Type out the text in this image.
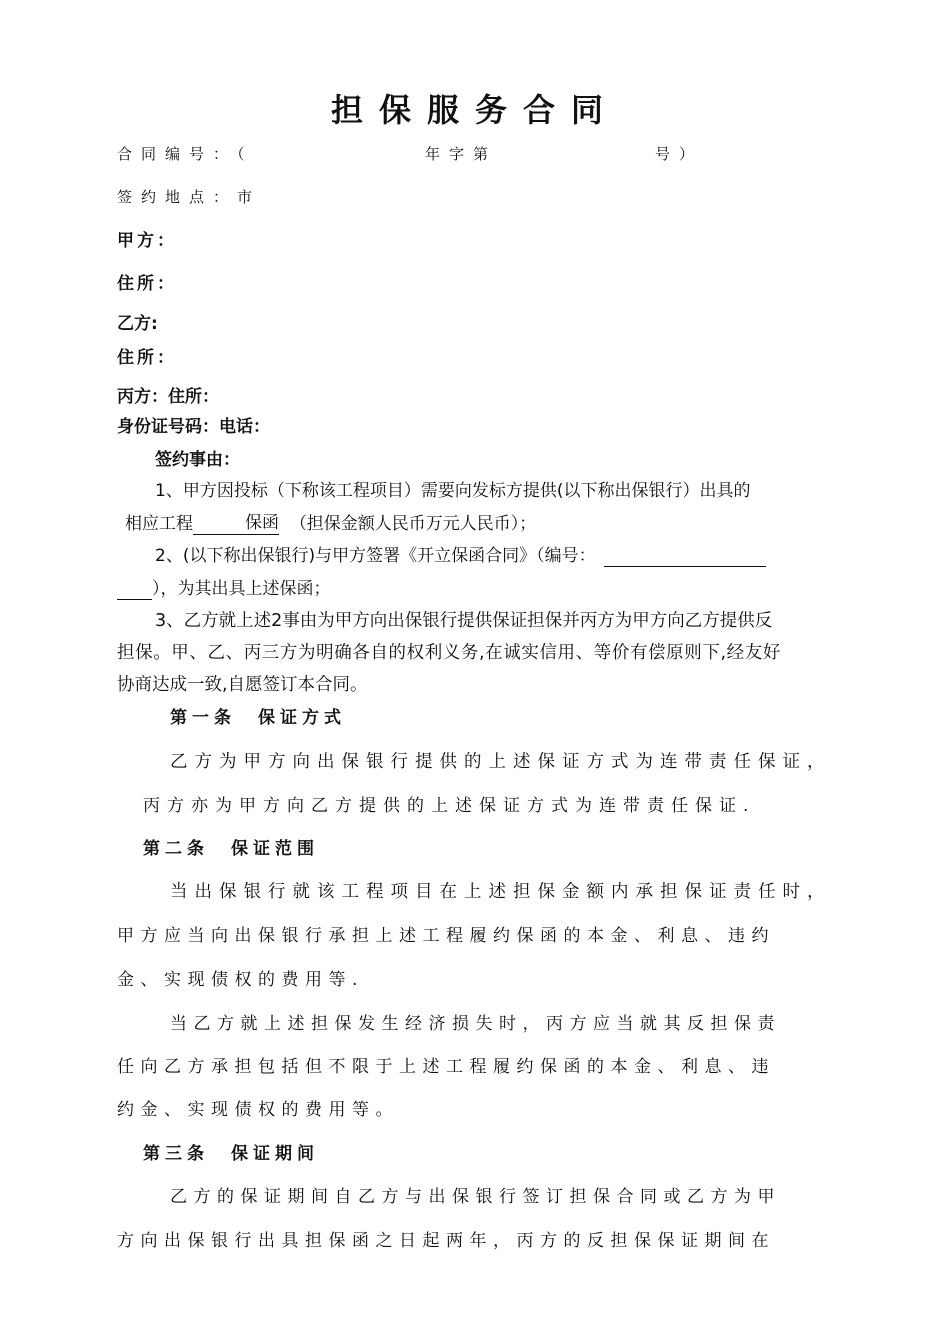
担保服务合同
合同编号：（	年字第	号）
签约地点：市
甲方：
住所：
乙方:
住所：
丙方：住所：
身份证号码：电话：
签约事由：
1、甲方因投标（下称该工程项目）需要向发标方提供(以下称出保银行）出具的
相应工程	保函 （担保金额人民币万元人民币）；
2、(以下称出保银行)与甲方签署《开立保函合同》（编号：
），为其出具上述保函；
3、乙方就上述2事由为甲方向出保银行提供保证担保并丙方为甲方向乙方提供反
担保。甲、乙、丙三方为明确各自的权利义务,在诚实信用、等价有偿原则下,经友好
协商达成一致,自愿签订本合同。
第一条　保证方式
乙方为甲方向出保银行提供的上述保证方式为连带责任保证，
丙方亦为甲方向乙方提供的上述保证方式为连带责任保证.
第二条　保证范围
当出保银行就该工程项目在上述担保金额内承担保证责任时，
甲方应当向出保银行承担上述工程履约保函的本金、利息、违约
金、实现债权的费用等.
当乙方就上述担保发生经济损失时，丙方应当就其反担保责
任向乙方承担包括但不限于上述工程履约保函的本金、利息、违
约金、实现债权的费用等。
第三条　保证期间
乙方的保证期间自乙方与出保银行签订担保合同或乙方为甲
方向出保银行出具担保函之日起两年，丙方的反担保保证期间在
